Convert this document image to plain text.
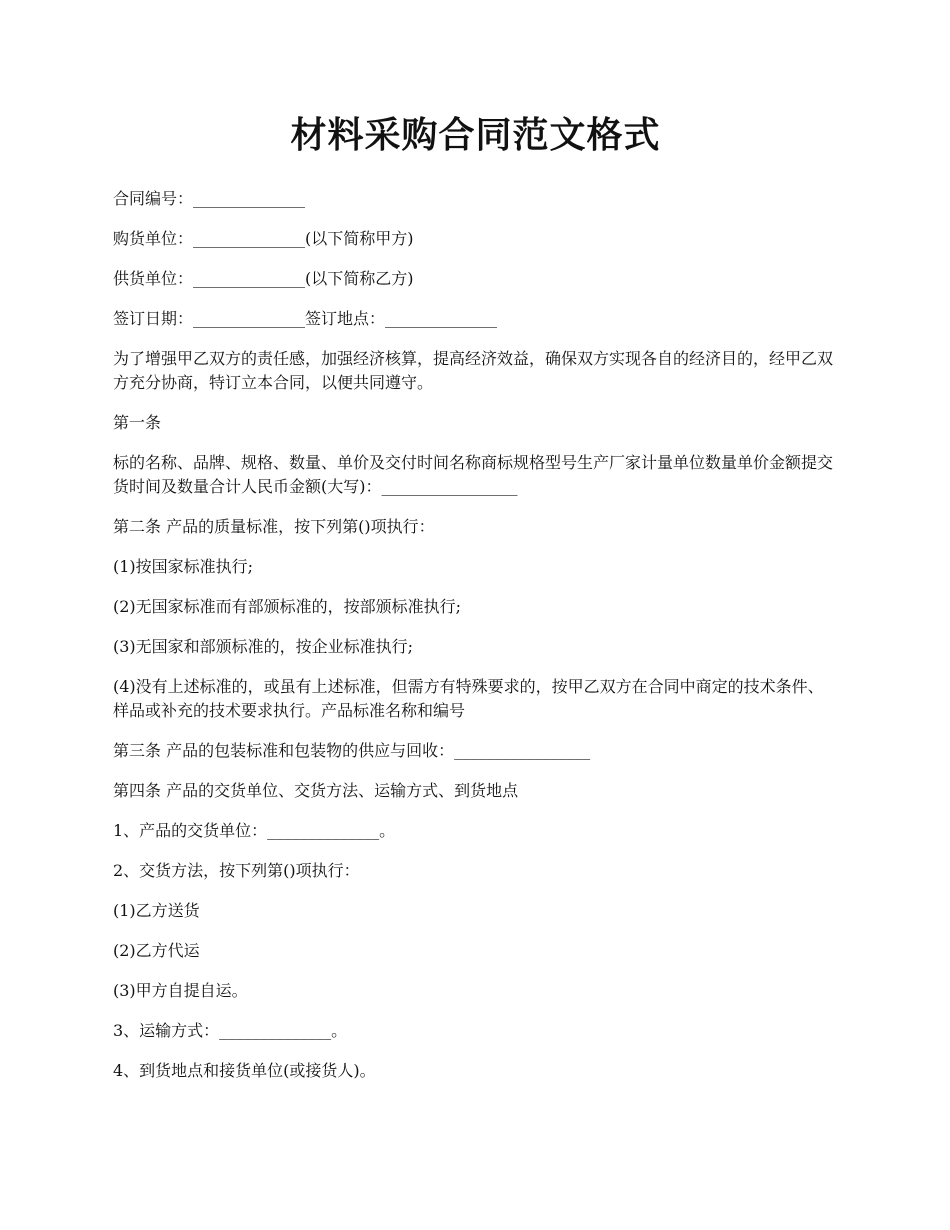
材料采购合同范文格式

合同编号：______________

购货单位：______________(以下简称甲方)

供货单位：______________(以下简称乙方)

签订日期：______________签订地点：______________

为了增强甲乙双方的责任感，加强经济核算，提高经济效益，确保双方实现各自的经济目的，经甲乙双方充分协商，特订立本合同，以便共同遵守。

第一条

标的名称、品牌、规格、数量、单价及交付时间名称商标规格型号生产厂家计量单位数量单价金额提交货时间及数量合计人民币金额(大写)：_________________

第二条 产品的质量标准，按下列第()项执行：

(1)按国家标准执行;

(2)无国家标准而有部颁标准的，按部颁标准执行;

(3)无国家和部颁标准的，按企业标准执行;

(4)没有上述标准的，或虽有上述标准，但需方有特殊要求的，按甲乙双方在合同中商定的技术条件、样品或补充的技术要求执行。产品标准名称和编号

第三条 产品的包装标准和包装物的供应与回收：_________________

第四条 产品的交货单位、交货方法、运输方式、到货地点

1、产品的交货单位：______________。

2、交货方法，按下列第()项执行：

(1)乙方送货

(2)乙方代运

(3)甲方自提自运。

3、运输方式：______________。

4、到货地点和接货单位(或接货人)。
